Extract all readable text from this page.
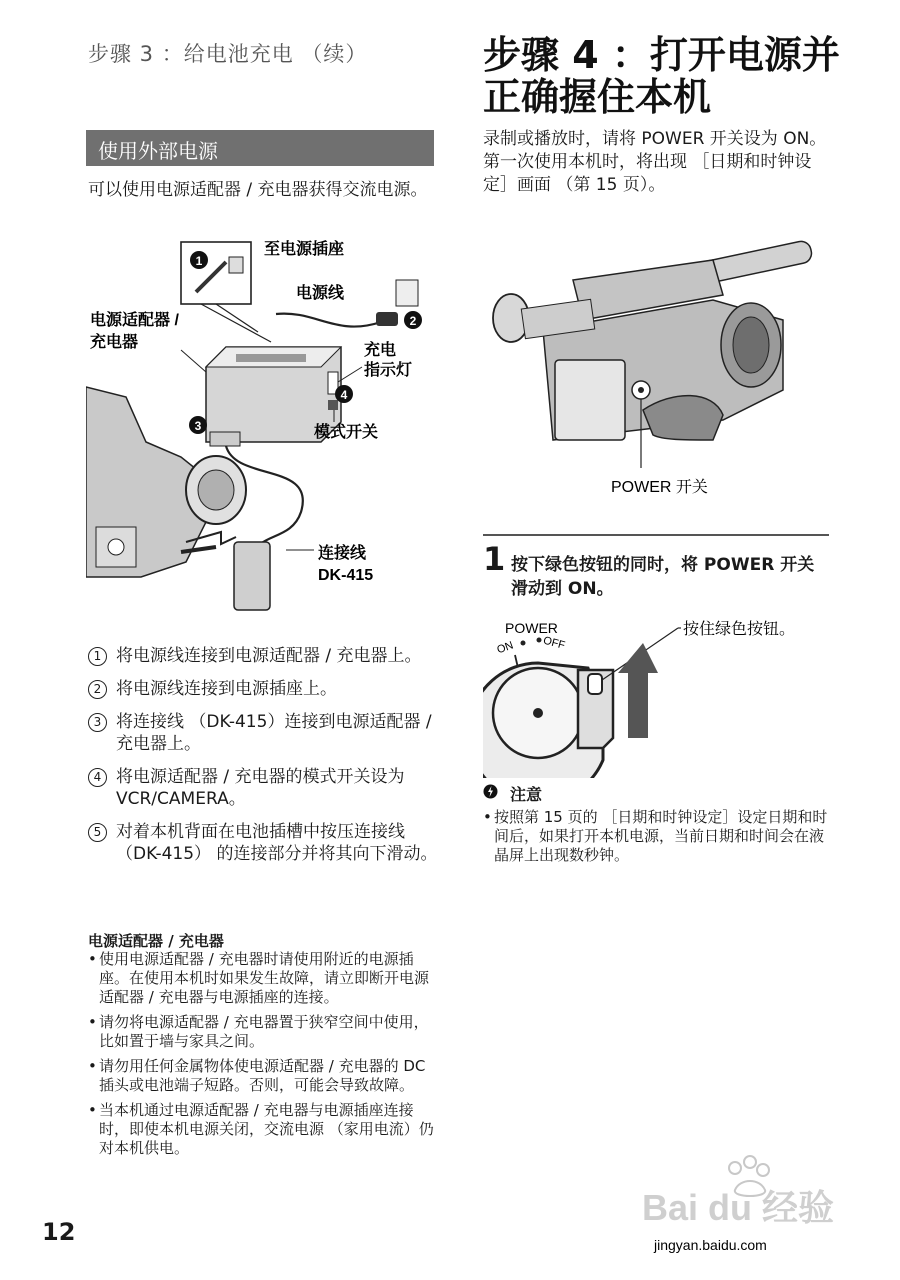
步骤 3 ：给电池充电 （续）
使用外部电源
可以使用电源适配器 / 充电器获得交流电源。
1
至电源插座
电源线
2
电源适配器 /
充电器	充电
指示灯
4
模式开关
3
连接线
DK-415
1 将电源线连接到电源适配器 / 充电器上。
2 将电源线连接到电源插座上。
3 将连接线 （DK-415）连接到电源适配器 / 充电器上。
4 将电源适配器 / 充电器的模式开关设为 VCR/CAMERA。
5 对着本机背面在电池插槽中按压连接线 （DK-415） 的连接部分并将其向下滑动。
电源适配器 / 充电器
• 使用电源适配器 / 充电器时请使用附近的电源插座。在使用本机时如果发生故障，请立即断开电源适配器 / 充电器与电源插座的连接。
• 请勿将电源适配器 / 充电器置于狭窄空间中使用，比如置于墙与家具之间。
• 请勿用任何金属物体使电源适配器 / 充电器的 DC 插头或电池端子短路。否则，可能会导致故障。
• 当本机通过电源适配器 / 充电器与电源插座连接时，即使本机电源关闭，交流电源 （家用电流）仍对本机供电。
12
步骤 4 ：打开电源并
正确握住本机
录制或播放时，请将 POWER 开关设为 ON。
第一次使用本机时，将出现 ［日期和时钟设定］画面 （第 15 页）。
POWER 开关
1 按下绿色按钮的同时，将 POWER 开关滑动到 ON。
POWER
ON OFF
按住绿色按钮。
注意
• 按照第 15 页的 ［日期和时钟设定］设定日期和时间后，如果打开本机电源，当前日期和时间会在液晶屏上出现数秒钟。
Bai du 经验
jingyan.baidu.com
